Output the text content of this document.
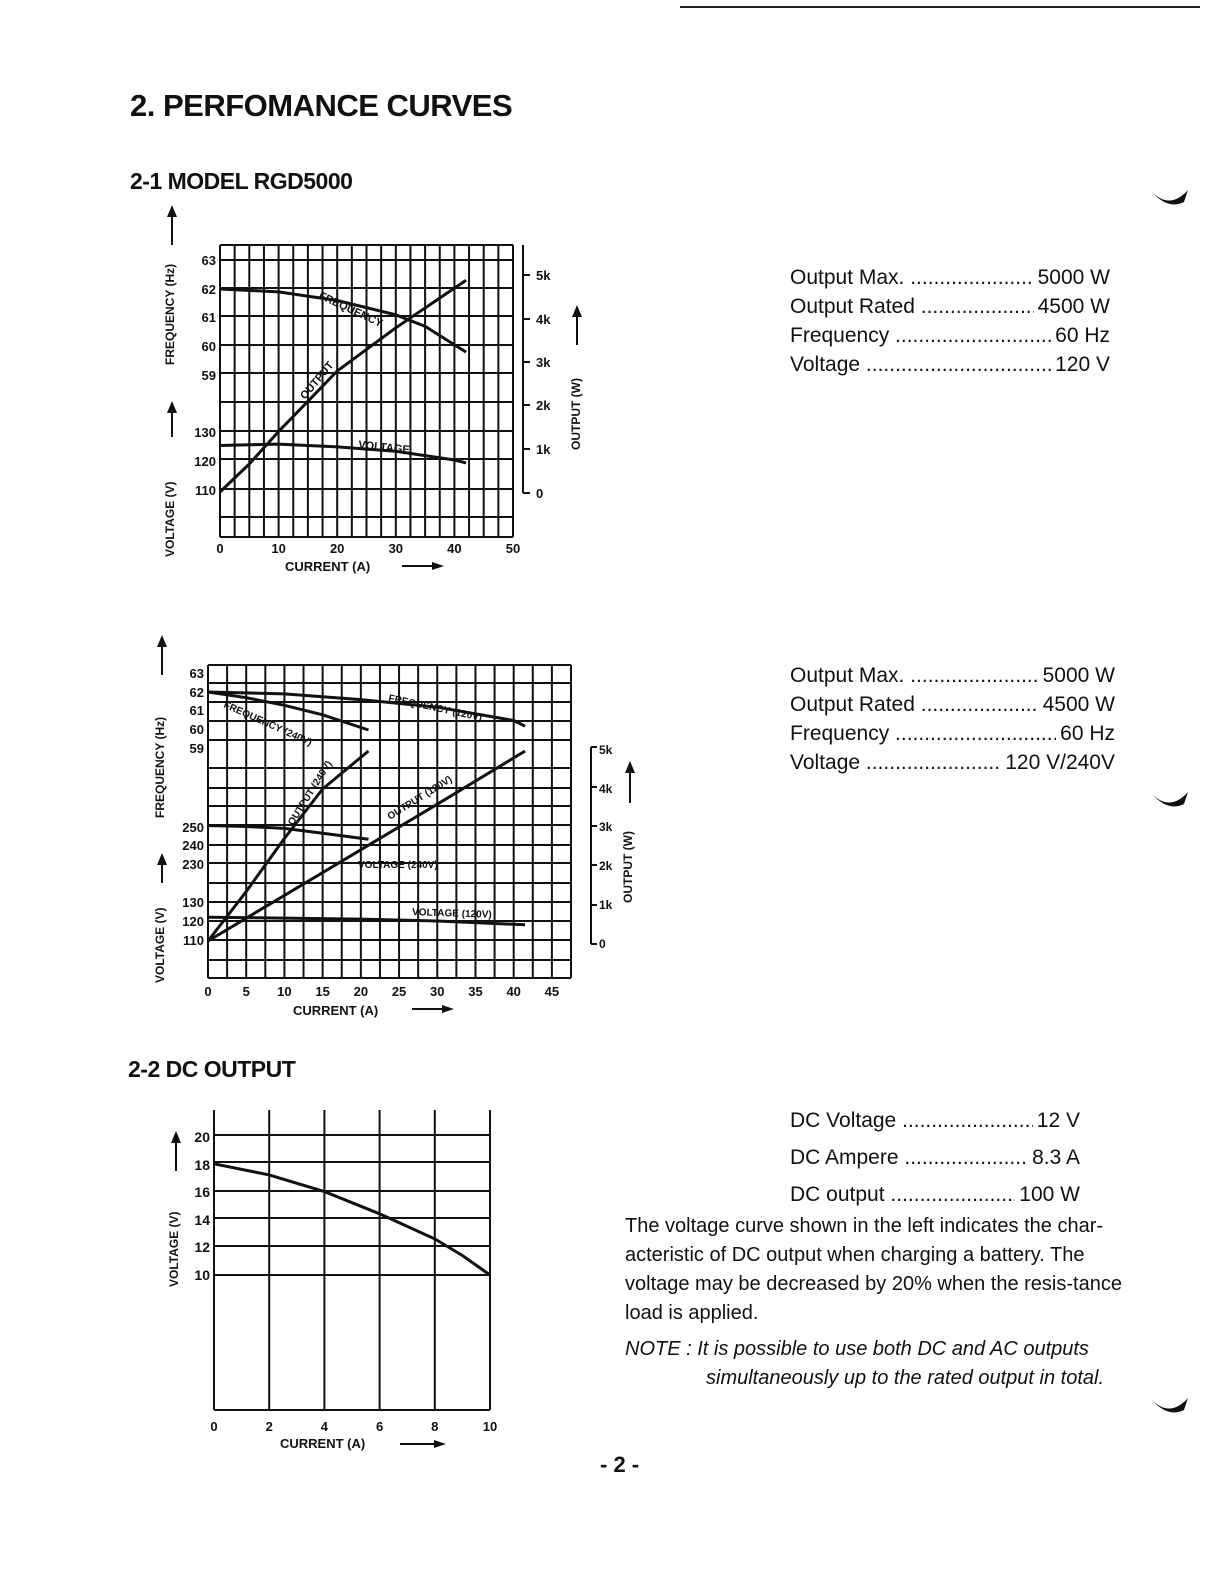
2. PERFOMANCE CURVES
2-1 MODEL RGD5000
63
62
61
60
59
130
120
110
5k
4k
3k
2k
1k
0
0	10	20	30	40	50
FREQUENCY
OUTPUT
VOLTAGE
FREQUENCY (Hz)
VOLTAGE (V)
OUTPUT (W)
CURRENT (A)
63
62
61
60
59
250
240
230
130
120
110
5k
4k
3k
2k
1k
0
0 5 10 15 20 25 30 35 40 45
FREQUENCY (120V)
FREQUENCY (240V)
OUTPUT (240V)	OUTPUT (120V)
VOLTAGE (240V)
VOLTAGE (120V)
FREQUENCY (Hz)
VOLTAGE (V)
OUTPUT (W)
CURRENT (A)
Output Max. .....	5000 W
Output Rated .....	4500 W
Frequency .....	60 Hz
Voltage .....	120 V
Output Max. .....	5000 W
Output Rated .....	4500 W
Frequency .....	60 Hz
Voltage .....	120 V/240V
2-2 DC OUTPUT
20
18
16
14
12
10
0	2	4	6	8	10
VOLTAGE (V)
CURRENT (A)
DC Voltage .....	12 V
DC Ampere .....	8.3 A
DC output .....	100 W
The voltage curve shown in the left indicates the char-acteristic of DC output when charging a battery. The voltage may be decreased by 20% when the resis-tance load is applied.
NOTE : It is possible to use both DC and AC outputs
simultaneously up to the rated output in total.
- 2 -
